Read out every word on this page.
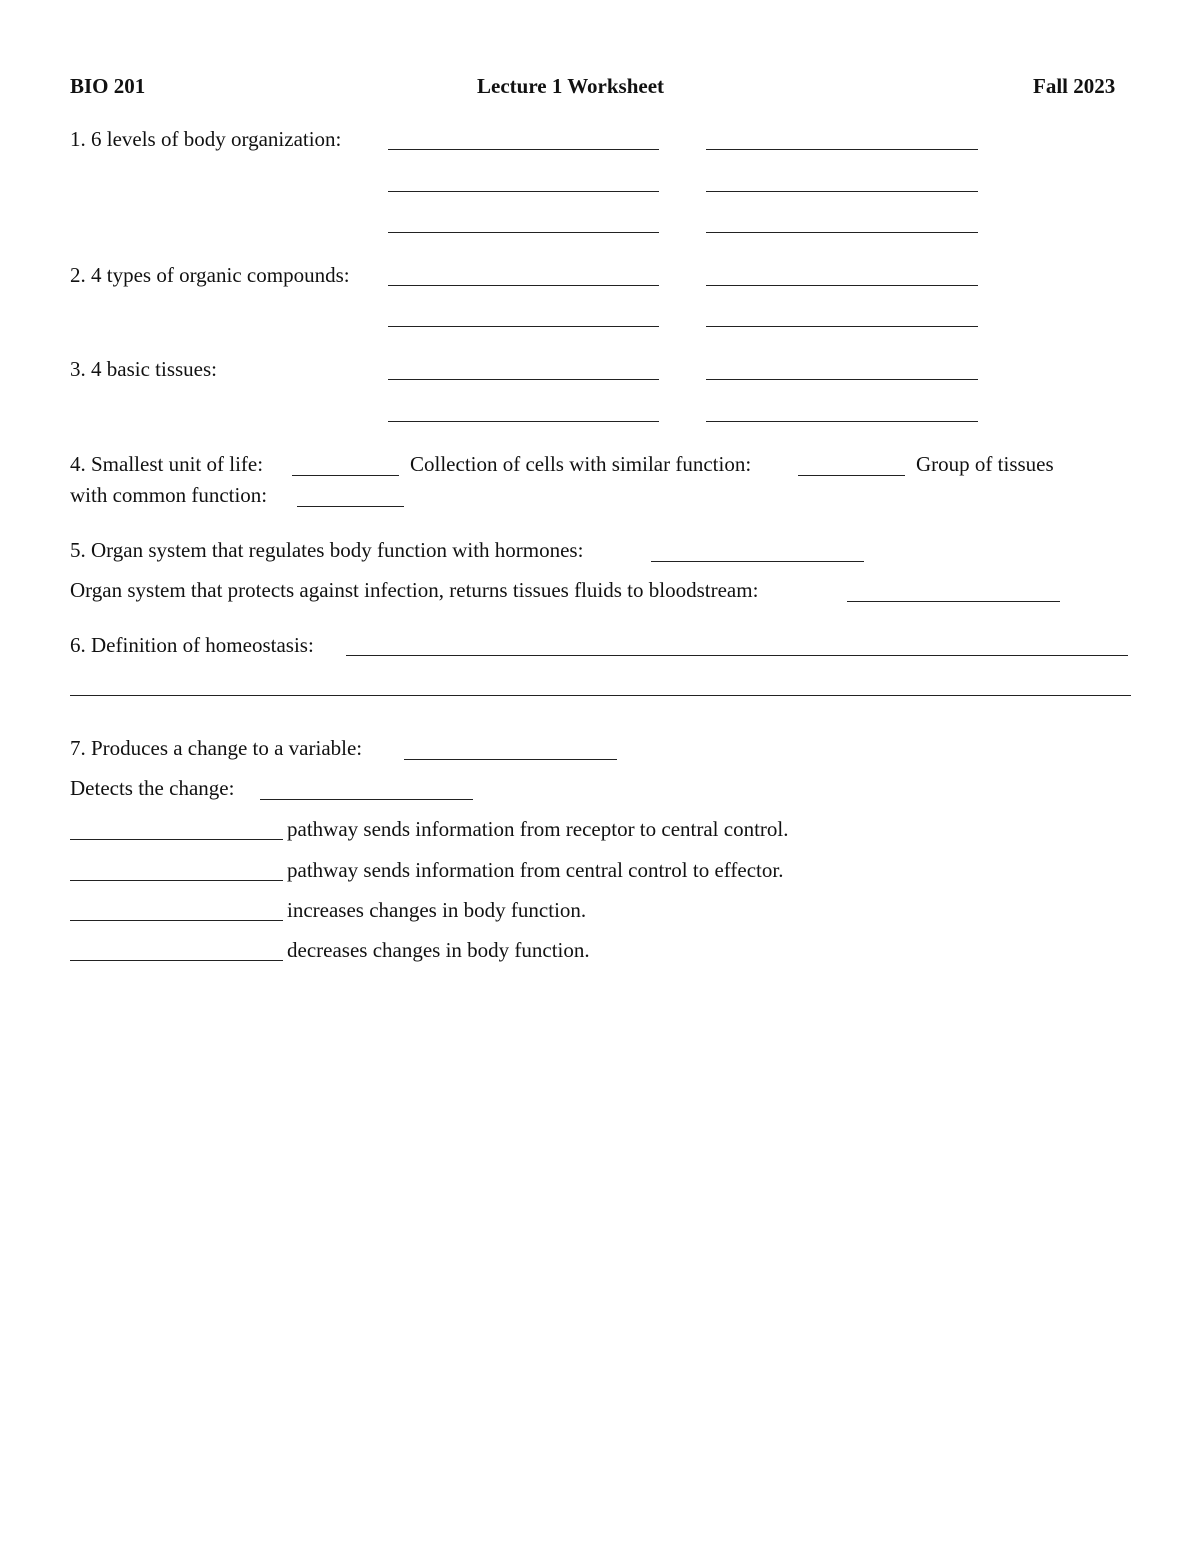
BIO 201	Lecture 1 Worksheet	Fall 2023
1. 6 levels of body organization:
2. 4 types of organic compounds:
3. 4 basic tissues:
4. Smallest unit of life:	Collection of cells with similar function:	Group of tissues
with common function:
5. Organ system that regulates body function with hormones:
Organ system that protects against infection, returns tissues fluids to bloodstream:
6. Definition of homeostasis:
7. Produces a change to a variable:
Detects the change:
pathway sends information from receptor to central control.
pathway sends information from central control to effector.
increases changes in body function.
decreases changes in body function.
